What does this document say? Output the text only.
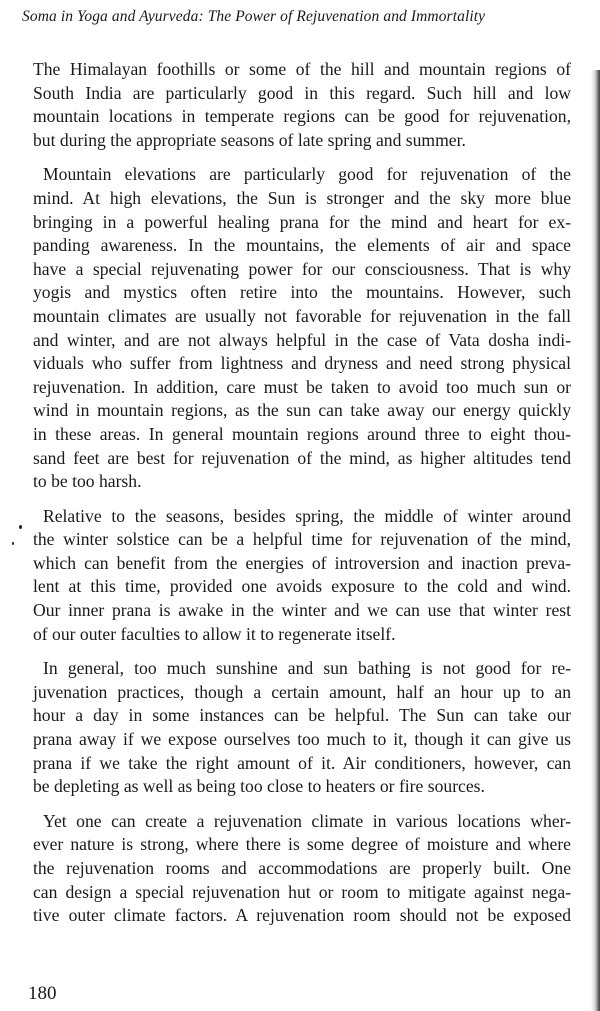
Soma in Yoga and Ayurveda: The Power of Rejuvenation and Immortality

The Himalayan foothills or some of the hill and mountain regions of
South India are particularly good in this regard. Such hill and low
mountain locations in temperate regions can be good for rejuvenation,
but during the appropriate seasons of late spring and summer.

Mountain elevations are particularly good for rejuvenation of the
mind. At high elevations, the Sun is stronger and the sky more blue
bringing in a powerful healing prana for the mind and heart for ex-
panding awareness. In the mountains, the elements of air and space
have a special rejuvenating power for our consciousness. That is why
yogis and mystics often retire into the mountains. However, such
mountain climates are usually not favorable for rejuvenation in the fall
and winter, and are not always helpful in the case of Vata dosha indi-
viduals who suffer from lightness and dryness and need strong physical
rejuvenation. In addition, care must be taken to avoid too much sun or
wind in mountain regions, as the sun can take away our energy quickly
in these areas. In general mountain regions around three to eight thou-
sand feet are best for rejuvenation of the mind, as higher altitudes tend
to be too harsh.

Relative to the seasons, besides spring, the middle of winter around
the winter solstice can be a helpful time for rejuvenation of the mind,
which can benefit from the energies of introversion and inaction preva-
lent at this time, provided one avoids exposure to the cold and wind.
Our inner prana is awake in the winter and we can use that winter rest
of our outer faculties to allow it to regenerate itself.

In general, too much sunshine and sun bathing is not good for re-
juvenation practices, though a certain amount, half an hour up to an
hour a day in some instances can be helpful. The Sun can take our
prana away if we expose ourselves too much to it, though it can give us
prana if we take the right amount of it. Air conditioners, however, can
be depleting as well as being too close to heaters or fire sources.

Yet one can create a rejuvenation climate in various locations wher-
ever nature is strong, where there is some degree of moisture and where
the rejuvenation rooms and accommodations are properly built. One
can design a special rejuvenation hut or room to mitigate against nega-
tive outer climate factors. A rejuvenation room should not be exposed

180
